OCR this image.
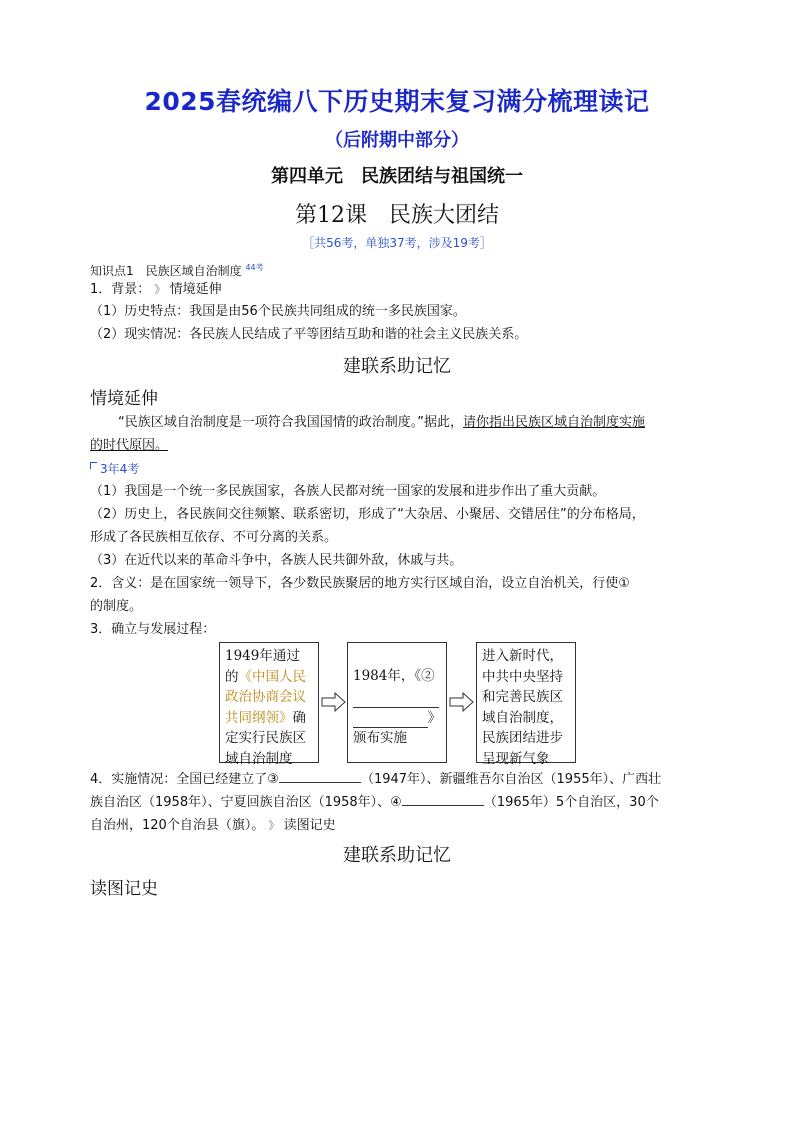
2025春统编八下历史期末复习满分梳理读记
（后附期中部分）
第四单元　民族团结与祖国统一
第12课　民族大团结
［共56考，单独37考，涉及19考］
知识点1　民族区域自治制度 $^{44考}$
1．背景： 》 情境延伸
（1）历史特点：我国是由56个民族共同组成的统一多民族国家。
（2）现实情况：各民族人民结成了平等团结互助和谐的社会主义民族关系。
建联系助记忆
情境延伸
“民族区域自治制度是一项符合我国国情的政治制度。”据此，请你指出民族区域自治制度实施
的时代原因。
3年4考
（1）我国是一个统一多民族国家，各族人民都对统一国家的发展和进步作出了重大贡献。
（2）历史上，各民族间交往频繁、联系密切，形成了“大杂居、小聚居、交错居住”的分布格局，
形成了各民族相互依存、不可分离的关系。
（3）在近代以来的革命斗争中，各族人民共御外敌，休戚与共。
2．含义：是在国家统一领导下，各少数民族聚居的地方实行区域自治，设立自治机关，行使①
的制度。
3．确立与发展过程：
1949年通过的《中国人民政治协商会议共同纲领》确定实行民族区域自治制度
1984年，《②
》
颁布实施
进入新时代，中共中央坚持和完善民族区域自治制度，民族团结进步呈现新气象
4．实施情况：全国已经建立了③	（1947年）、新疆维吾尔自治区（1955年）、广西壮
族自治区（1958年）、宁夏回族自治区（1958年）、④	（1965年）5个自治区，30个
自治州，120个自治县（旗）。 》 读图记史
建联系助记忆
读图记史
